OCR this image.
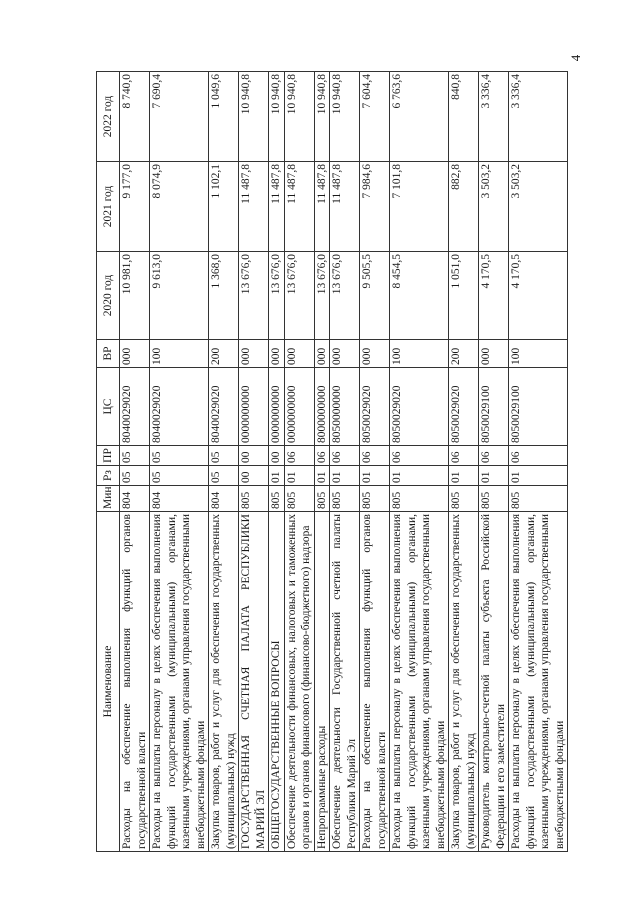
4
Наименование	Мин	Рз	ПР	ЦС	ВР	2020 год	2021 год	2022 год
Расходы на обеспечение выполнения функций органов государственной власти	804	05	05	8040029020	000	10 981,0	9 177,0	8 740,0
Расходы на выплаты персоналу в целях обеспечения выполнения функций государственными (муниципальными) органами, казенными учреждениями, органами управления государственными внебюджетными фондами	804	05	05	8040029020	100	9 613,0	8 074,9	7 690,4
Закупка товаров, работ и услуг для обеспечения государственных (муниципальных) нужд	804	05	05	8040029020	200	1 368,0	1 102,1	1 049,6
ГОСУДАРСТВЕННАЯ СЧЕТНАЯ ПАЛАТА РЕСПУБЛИКИ МАРИЙ ЭЛ	805	00	00	0000000000	000	13 676,0	11 487,8	10 940,8
ОБЩЕГОСУДАРСТВЕННЫЕ ВОПРОСЫ	805	01	00	0000000000	000	13 676,0	11 487,8	10 940,8
Обеспечение деятельности финансовых, налоговых и таможенных органов и органов финансового (финансово-бюджетного) надзора	805	01	06	0000000000	000	13 676,0	11 487,8	10 940,8
Непрограммные расходы	805	01	06	8000000000	000	13 676,0	11 487,8	10 940,8
Обеспечение деятельности Государственной счетной палаты Республики Марий Эл	805	01	06	8050000000	000	13 676,0	11 487,8	10 940,8
Расходы на обеспечение выполнения функций органов государственной власти	805	01	06	8050029020	000	9 505,5	7 984,6	7 604,4
Расходы на выплаты персоналу в целях обеспечения выполнения функций государственными (муниципальными) органами, казенными учреждениями, органами управления государственными внебюджетными фондами	805	01	06	8050029020	100	8 454,5	7 101,8	6 763,6
Закупка товаров, работ и услуг для обеспечения государственных (муниципальных) нужд	805	01	06	8050029020	200	1 051,0	882,8	840,8
Руководитель контрольно-счетной палаты субъекта Российской Федерации и его заместители	805	01	06	8050029100	000	4 170,5	3 503,2	3 336,4
Расходы на выплаты персоналу в целях обеспечения выполнения функций государственными (муниципальными) органами, казенными учреждениями, органами управления государственными внебюджетными фондами	805	01	06	8050029100	100	4 170,5	3 503,2	3 336,4
